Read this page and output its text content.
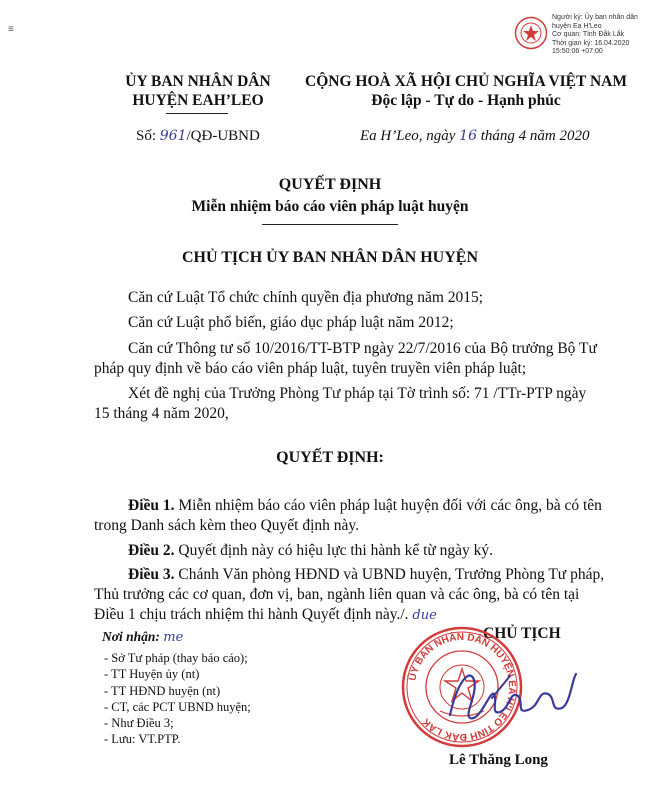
≡
Người ký: Ủy ban nhân dân
huyện Ea H'Leo
Cơ quan: Tỉnh Đắk Lắk
Thời gian ký: 16.04.2020
15:50:06 +07:00
ỦY BAN NHÂN DÂN
HUYỆN EAH’LEO
CỘNG HOÀ XÃ HỘI CHỦ NGHĨA VIỆT NAM
Độc lập - Tự do - Hạnh phúc
Số: 961/QĐ-UBND	Ea H’Leo, ngày 16 tháng 4 năm 2020
QUYẾT ĐỊNH
Miễn nhiệm báo cáo viên pháp luật huyện
CHỦ TỊCH ỦY BAN NHÂN DÂN HUYỆN
Căn cứ Luật Tổ chức chính quyền địa phương năm 2015;
Căn cứ Luật phổ biến, giáo dục pháp luật năm 2012;
Căn cứ Thông tư số 10/2016/TT-BTP ngày 22/7/2016 của Bộ trưởng Bộ Tư
pháp quy định về báo cáo viên pháp luật, tuyên truyền viên pháp luật;
Xét đề nghị của Trưởng Phòng Tư pháp tại Tờ trình số: 71 /TTr-PTP ngày
15 tháng 4 năm 2020,
QUYẾT ĐỊNH:
Điều 1. Miễn nhiệm báo cáo viên pháp luật huyện đối với các ông, bà có tên
trong Danh sách kèm theo Quyết định này.
Điều 2. Quyết định này có hiệu lực thi hành kể từ ngày ký.
Điều 3. Chánh Văn phòng HĐND và UBND huyện, Trưởng Phòng Tư pháp,
Thủ trưởng các cơ quan, đơn vị, ban, ngành liên quan và các ông, bà có tên tại
Điều 1 chịu trách nhiệm thi hành Quyết định này./. due
Nơi nhận: me
- Sở Tư pháp (thay báo cáo);
- TT Huyện ủy (nt)
- TT HĐND huyện (nt)
- CT, các PCT UBND huyện;
- Như Điều 3;
- Lưu: VT.PTP.
CHỦ TỊCH
ỦY BAN NHÂN DÂN HUYỆN EA H'LEO TỈNH ĐẮK LẮK
Lê Thăng Long
